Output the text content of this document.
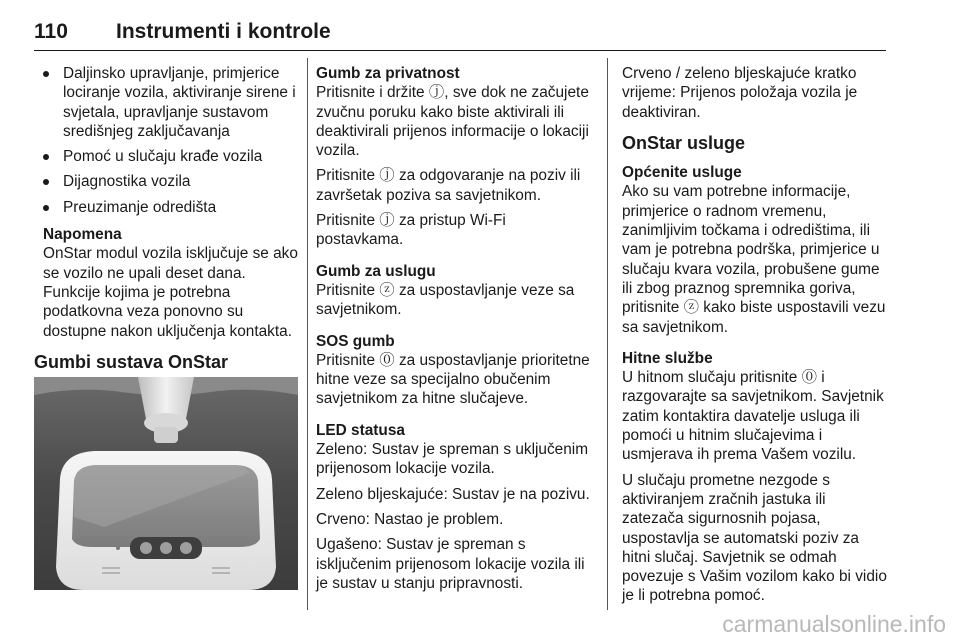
110 Instrumenti i kontrole
Daljinsko upravljanje, primjerice lociranje vozila, aktiviranje sirene i svjetala, upravljanje sustavom središnjeg zaključavanja
Pomoć u slučaju krađe vozila
Dijagnostika vozila
Preuzimanje odredišta
Napomena
OnStar modul vozila isključuje se ako se vozilo ne upali deset dana. Funkcije kojima je potrebna podatkovna veza ponovno su dostupne nakon uključenja kontakta.
Gumbi sustava OnStar
Gumb za privatnost

Pritisnite i držite ⓙ, sve dok ne začujete zvučnu poruku kako biste aktivirali ili deaktivirali prijenos informacije o lokaciji vozila.

Pritisnite ⓙ za odgovaranje na poziv ili završetak poziva sa savjetnikom.

Pritisnite ⓙ za pristup Wi-Fi postavkama.

Gumb za uslugu

Pritisnite ⓩ za uspostavljanje veze sa savjetnikom.

SOS gumb

Pritisnite ⓪ za uspostavljanje prioritetne hitne veze sa specijalno obučenim savjetnikom za hitne slučajeve.

LED statusa

Zeleno: Sustav je spreman s uključenim prijenosom lokacije vozila.

Zeleno bljeskajuće: Sustav je na pozivu.

Crveno: Nastao je problem.

Ugašeno: Sustav je spreman s isključenim prijenosom lokacije vozila ili je sustav u stanju pripravnosti.

Crveno / zeleno bljeskajuće kratko vrijeme: Prijenos položaja vozila je deaktiviran.

OnStar usluge
Općenite usluge

Ako su vam potrebne informacije, primjerice o radnom vremenu, zanimljivim točkama i odredištima, ili vam je potrebna podrška, primjerice u slučaju kvara vozila, probušene gume ili zbog praznog spremnika goriva, pritisnite ⓩ kako biste uspostavili vezu sa savjetnikom.

Hitne službe

U hitnom slučaju pritisnite ⓪ i razgovarajte sa savjetnikom. Savjetnik zatim kontaktira davatelje usluga ili pomoći u hitnim slučajevima i usmjerava ih prema Vašem vozilu.

U slučaju prometne nezgode s aktiviranjem zračnih jastuka ili zatezača sigurnosnih pojasa, uspostavlja se automatski poziv za hitni slučaj. Savjetnik se odmah povezuje s Vašim vozilom kako bi vidio je li potrebna pomoć.

carmanualsonline.info
